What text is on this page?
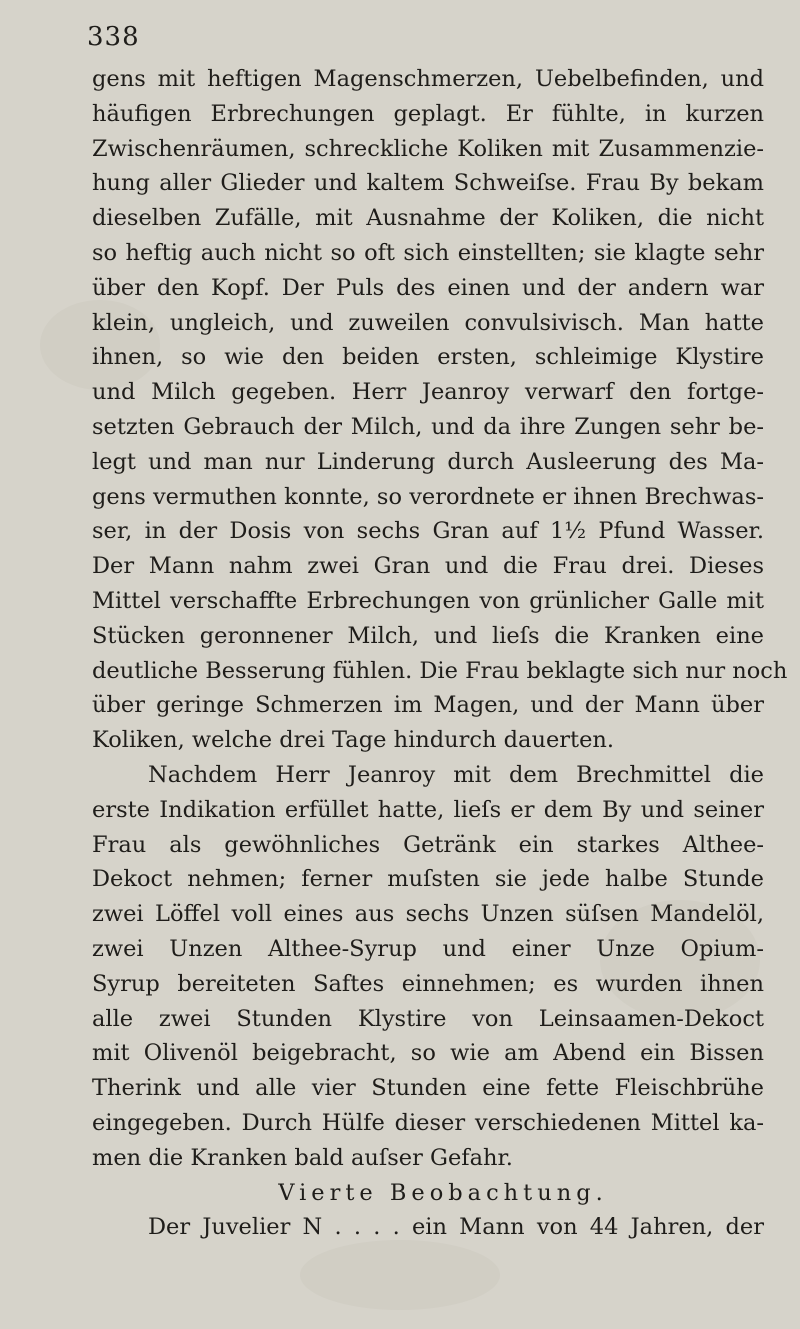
338
gens mit heftigen Magenschmerzen, Uebelbefinden, und
häufigen Erbrechungen geplagt. Er fühlte, in kurzen
Zwischenräumen, schreckliche Koliken mit Zusammenzie-
hung aller Glieder und kaltem Schweiſse. Frau By bekam
dieselben Zufälle, mit Ausnahme der Koliken, die nicht
so heftig auch nicht so oft sich einstellten; sie klagte sehr
über den Kopf. Der Puls des einen und der andern war
klein, ungleich, und zuweilen convulsivisch. Man hatte
ihnen, so wie den beiden ersten, schleimige Klystire
und Milch gegeben. Herr Jeanroy verwarf den fortge-
setzten Gebrauch der Milch, und da ihre Zungen sehr be-
legt und man nur Linderung durch Ausleerung des Ma-
gens vermuthen konnte, so verordnete er ihnen Brechwas-
ser, in der Dosis von sechs Gran auf 1½ Pfund Wasser.
Der Mann nahm zwei Gran und die Frau drei. Dieses
Mittel verschaffte Erbrechungen von grünlicher Galle mit
Stücken geronnener Milch, und lieſs die Kranken eine
deutliche Besserung fühlen. Die Frau beklagte sich nur noch
über geringe Schmerzen im Magen, und der Mann über
Koliken, welche drei Tage hindurch dauerten.
Nachdem Herr Jeanroy mit dem Brechmittel die
erste Indikation erfüllet hatte, lieſs er dem By und seiner
Frau als gewöhnliches Getränk ein starkes Althee-
Dekoct nehmen; ferner muſsten sie jede halbe Stunde
zwei Löffel voll eines aus sechs Unzen süſsen Mandelöl,
zwei Unzen Althee-Syrup und einer Unze Opium-
Syrup bereiteten Saftes einnehmen; es wurden ihnen
alle zwei Stunden Klystire von Leinsaamen-Dekoct
mit Olivenöl beigebracht, so wie am Abend ein Bissen
Therink und alle vier Stunden eine fette Fleischbrühe
eingegeben. Durch Hülfe dieser verschiedenen Mittel ka-
men die Kranken bald auſser Gefahr.
Vierte Beobachtung.
Der Juvelier N . . . . ein Mann von 44 Jahren, der
